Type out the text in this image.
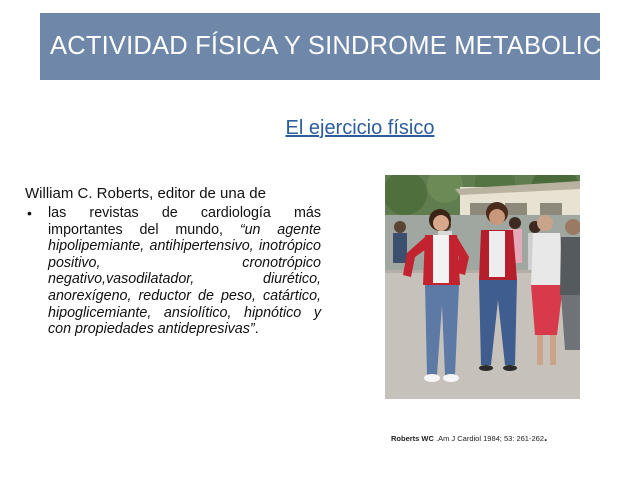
ACTIVIDAD FÍSICA Y SINDROME METABOLICO
El ejercicio físico
William C. Roberts, editor de una de
• las revistas de cardiología más importantes del mundo, “un agente hipolipemiante, antihipertensivo, inotrópico positivo, cronotrópico negativo,vasodilatador, diurético, anorexígeno, reductor de peso, catártico, hipoglicemiante, ansiolítico, hipnótico y con propiedades antidepresivas”.
Roberts WC .Am J Cardiol 1984; 53: 261-262.
